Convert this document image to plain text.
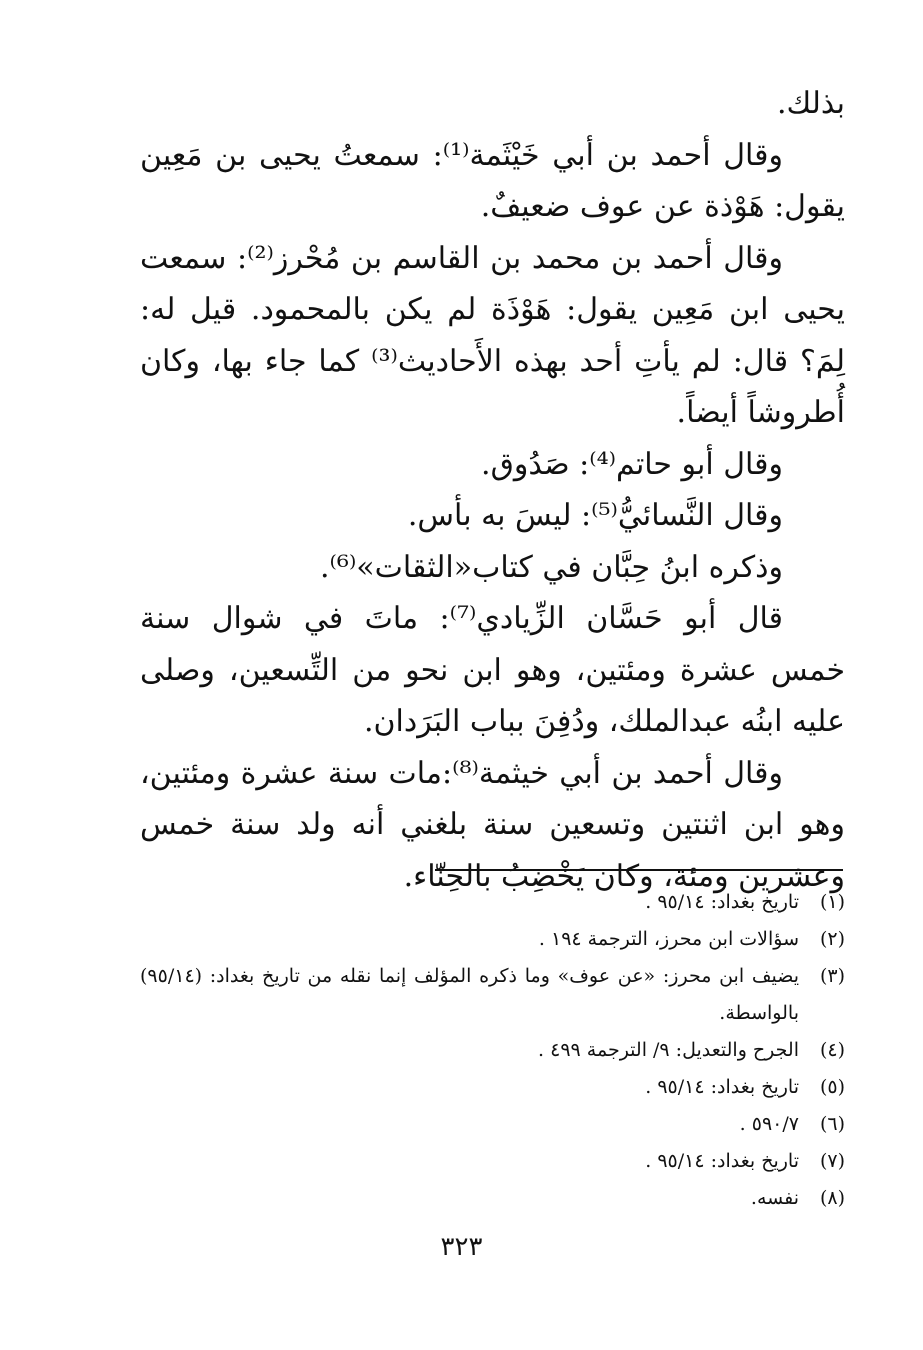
بذلك.

وقال أحمد بن أبي خَيْثَمة⁽¹⁾: سمعتُ يحيى بن مَعِين يقول: هَوْذة عن عوف ضعيفٌ.

وقال أحمد بن محمد بن القاسم بن مُحْرز⁽²⁾: سمعت يحيى ابن مَعِين يقول: هَوْذَة لم يكن بالمحمود. قيل له: لِمَ؟ قال: لم يأتِ أحد بهذه الأَحاديث⁽³⁾ كما جاء بها، وكان أُطروشاً أيضاً.

وقال أبو حاتم⁽⁴⁾: صَدُوق.

وقال النَّسائيُّ⁽⁵⁾: ليسَ به بأس.

وذكره ابنُ حِبَّان في كتاب«الثقات»⁽⁶⁾.

قال أبو حَسَّان الزِّيادي⁽⁷⁾: ماتَ في شوال سنة خمس عشرة ومئتين، وهو ابن نحو من التِّسعين، وصلى عليه ابنُه عبدالملك، ودُفِنَ بباب البَرَدان.

وقال أحمد بن أبي خيثمة⁽⁸⁾:مات سنة عشرة ومئتين، وهو ابن اثنتين وتسعين سنة بلغني أنه ولد سنة خمس وعشرين ومئة، وكان يَخْضِبُ بالحِنّاء.

(١)
تاريخ بغداد: ٩٥/١٤ .
(٢)
سؤالات ابن محرز، الترجمة ١٩٤ .
(٣)
يضيف ابن محرز: «عن عوف» وما ذكره المؤلف إنما نقله من تاريخ بغداد: (٩٥/١٤) بالواسطة.
(٤)
الجرح والتعديل: ٩/ الترجمة ٤٩٩ .
(٥)
تاريخ بغداد: ٩٥/١٤ .
(٦)
٥٩٠/٧ .
(٧)
تاريخ بغداد: ٩٥/١٤ .
(٨)
نفسه.
٣٢٣
